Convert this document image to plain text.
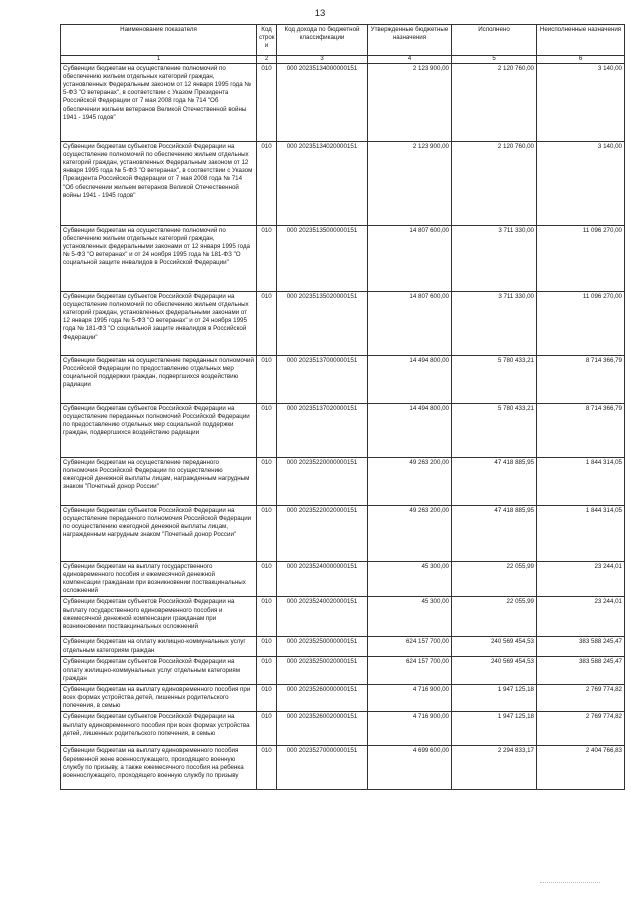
13
Наименование показателя	Код строк и	Код дохода по бюджетной классификации	Утвержденные бюджетные назначения	Исполнено	Неисполненные назначения
1	2	3	4	5	6
Субвенции бюджетам на осуществление полномочий по обеспечению жильем отдельных категорий граждан, установленных Федеральным законом от 12 января 1995 года № 5-ФЗ "О ветеранах", в соответствии с Указом Президента Российской Федерации от 7 мая 2008 года № 714 "Об обеспечении жильем ветеранов Великой Отечественной войны 1941 - 1945 годов"	010	000 20235134000000151	2 123 900,00	2 120 760,00	3 140,00
Субвенции бюджетам субъектов Российской Федерации на осуществление полномочий по обеспечению жильем отдельных категорий граждан, установленных Федеральным законом от 12 января 1995 года № 5-ФЗ "О ветеранах", в соответствии с Указом Президента Российской Федерации от 7 мая 2008 года № 714 "Об обеспечении жильем ветеранов Великой Отечественной войны 1941 - 1945 годов"	010	000 20235134020000151	2 123 900,00	2 120 760,00	3 140,00
Субвенции бюджетам на осуществление полномочий по обеспечению жильем отдельных категорий граждан, установленных федеральными законами от 12 января 1995 года № 5-ФЗ "О ветеранах" и от 24 ноября 1995 года № 181-ФЗ "О социальной защите инвалидов в Российской Федерации"	010	000 20235135000000151	14 807 600,00	3 711 330,00	11 096 270,00
Субвенции бюджетам субъектов Российской Федерации на осуществление полномочий по обеспечению жильем отдельных категорий граждан, установленных федеральными законами от 12 января 1995 года № 5-ФЗ "О ветеранах" и от 24 ноября 1995 года № 181-ФЗ "О социальной защите инвалидов в Российской Федерации"	010	000 20235135020000151	14 807 600,00	3 711 330,00	11 096 270,00
Субвенции бюджетам на осуществление переданных полномочий Российской Федерации по предоставлению отдельных мер социальной поддержки граждан, подвергшихся воздействию радиации	010	000 20235137000000151	14 494 800,00	5 780 433,21	8 714 366,79
Субвенции бюджетам субъектов Российской Федерации на осуществление переданных полномочий Российской Федерации по предоставлению отдельных мер социальной поддержки граждан, подвергшихся воздействию радиации	010	000 20235137020000151	14 494 800,00	5 780 433,21	8 714 366,79
Субвенции бюджетам на осуществление переданного полномочия Российской Федерации по осуществлению ежегодной денежной выплаты лицам, награжденным нагрудным знаком "Почетный донор России"	010	000 20235220000000151	49 263 200,00	47 418 885,95	1 844 314,05
Субвенции бюджетам субъектов Российской Федерации на осуществление переданного полномочия Российской Федерации по осуществлению ежегодной денежной выплаты лицам, награжденным нагрудным знаком "Почетный донор России"	010	000 20235220020000151	49 263 200,00	47 418 885,95	1 844 314,05
Субвенции бюджетам на выплату государственного единовременного пособия и ежемесячной денежной компенсации гражданам при возникновении поствакцинальных осложнений	010	000 20235240000000151	45 300,00	22 055,99	23 244,01
Субвенции бюджетам субъектов Российской Федерации на выплату государственного единовременного пособия и ежемесячной денежной компенсации гражданам при возникновении поствакцинальных осложнений	010	000 20235240020000151	45 300,00	22 055,99	23 244,01
Субвенции бюджетам на оплату жилищно-коммунальных услуг отдельным категориям граждан	010	000 20235250000000151	624 157 700,00	240 569 454,53	383 588 245,47
Субвенции бюджетам субъектов Российской Федерации на оплату жилищно-коммунальных услуг отдельным категориям граждан	010	000 20235250020000151	624 157 700,00	240 569 454,53	383 588 245,47
Субвенции бюджетам на выплату единовременного пособия при всех формах устройства детей, лишенных родительского попечения, в семью	010	000 20235260000000151	4 716 900,00	1 947 125,18	2 769 774,82
Субвенции бюджетам субъектов Российской Федерации на выплату единовременного пособия при всех формах устройства детей, лишенных родительского попечения, в семью	010	000 20235260020000151	4 716 900,00	1 947 125,18	2 769 774,82
Субвенции бюджетам на выплату единовременного пособия беременной жене военнослужащего, проходящего военную службу по призыву, а также ежемесячного пособия на ребенка военнослужащего, проходящего военную службу по призыву	010	000 20235270000000151	4 699 600,00	2 294 833,17	2 404 766,83
